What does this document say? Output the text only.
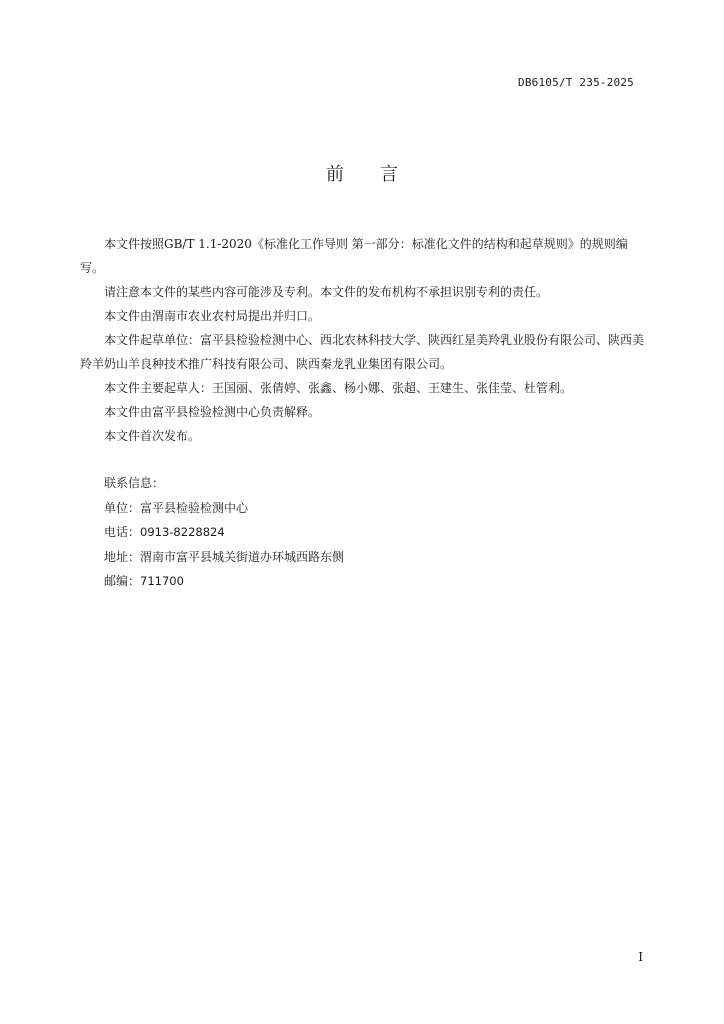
DB6105/T 235-2025
前言

本文件按照GB/T 1.1-2020《标准化工作导则 第一部分：标准化文件的结构和起草规则》的规则编写。

请注意本文件的某些内容可能涉及专利。本文件的发布机构不承担识别专利的责任。

本文件由渭南市农业农村局提出并归口。

本文件起草单位：富平县检验检测中心、西北农林科技大学、陕西红星美羚乳业股份有限公司、陕西美羚羊奶山羊良种技术推广科技有限公司、陕西秦龙乳业集团有限公司。

本文件主要起草人：王国丽、张倩婷、张鑫、杨小娜、张超、王建生、张佳莹、杜管利。

本文件由富平县检验检测中心负责解释。

本文件首次发布。

联系信息：

单位：富平县检验检测中心

电话：0913-8228824

地址：渭南市富平县城关街道办环城西路东侧

邮编：711700

I
